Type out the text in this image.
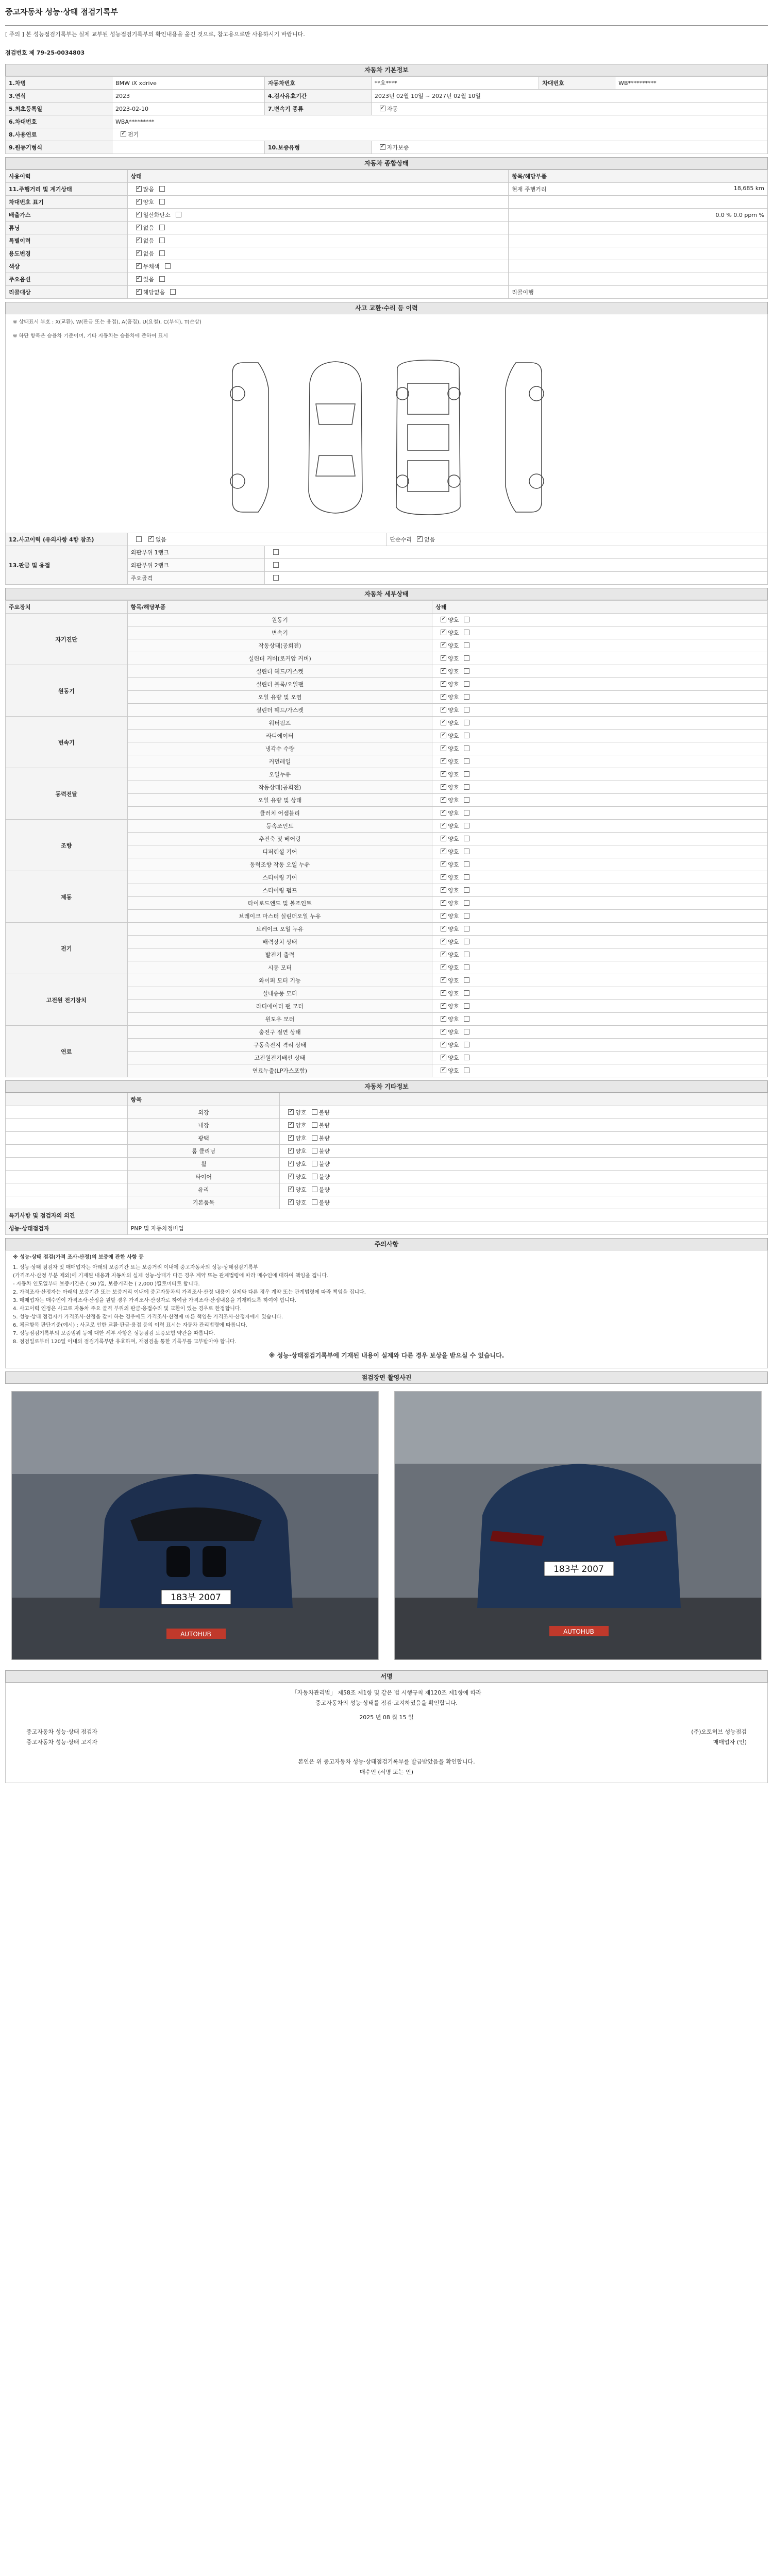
중고자동차 성능·상태 점검기록부
[ 주의 ] 본 성능점검기록부는 실제 교부된 성능점검기록부의 확인내용을 옮긴 것으로, 참고용으로만 사용하시기 바랍니다.
점검번호 제 79-25-0034803
자동차 기본정보
1.차명	BMW iX xdrive	자동차번호	**호****	차대번호	WB**********
3.연식	2023	4.검사유효기간	2023년 02월 10일 ~ 2027년 02월 10일		
5.최초등록일	2023-02-10	7.변속기 종류	✓자동
6.차대번호	WBA*********				
8.사용연료	✓전기
9.원동기형식		10.보증유형	✓자가보증
자동차 종합상태
사용이력	상태	항목/해당부품
11.주행거리 및 계기상태	✓많음	현재 주행거리 18,685 km

차대번호 표기	✓양호	

배출가스	✓일산화탄소	0.0 % 0.0 ppm %

튜닝	✓없음	

특별이력	✓없음	

용도변경	✓없음	

색상	✓무채색	

주요옵션	✓있음	

리콜대상	✓해당없음	리콜이행
사고 교환·수리 등 이력
※ 상태표시 부호 : X(교환), W(판금 또는 용접), A(흠집), U(요철), C(부식), T(손상)
※ 하단 항목은 승용차 기준이며, 기타 자동차는 승용차에 준하여 표시
12.사고이력 (유의사항 4항 참조)	✓없음		단순수리 ✓ 없음
13.판금 및 용접	외판부위 1랭크		
	외판부위 2랭크		
	주요골격		
자동차 세부상태
주요장치	항목/해당부품	상태
자기진단	원동기	✓양호
	변속기	✓양호
	작동상태(공회전)	✓양호
	실린더 커버(로커암 커버)	✓양호
원동기	실린더 헤드/가스켓	✓양호
	실린더 블록/오일팬	✓양호
	오일 유량 및 오염	✓양호
	실린더 헤드/가스켓	✓양호
변속기	워터펌프	✓양호
	라디에이터	✓양호
	냉각수 수량	✓양호
	커먼레일	✓양호
동력전달	오일누유	✓양호
	작동상태(공회전)	✓양호
	오일 유량 및 상태	✓양호
	클러치 어셈블리	✓양호
조향	등속조인트	✓양호
	추진축 및 베어링	✓양호
	디퍼렌셜 기어	✓양호
	동력조향 작동 오일 누유	✓양호
제동	스티어링 기어	✓양호
	스티어링 펌프	✓양호
	타이로드엔드 및 볼조인트	✓양호
	브레이크 마스터 실린더오일 누유	✓양호
전기	브레이크 오일 누유	✓양호
	배력장치 상태	✓양호
	발전기 출력	✓양호
	시동 모터	✓양호
고전원 전기장치	와이퍼 모터 기능	✓양호
	실내송풍 모터	✓양호
	라디에이터 팬 모터	✓양호
	윈도우 모터	✓양호
연료	충전구 절연 상태	✓양호
	구동축전지 격리 상태	✓양호
	고전원전기배선 상태	✓양호
	연료누출(LP가스포함)	✓양호
자동차 기타정보
	항목	
	외장	✓양호 불량
	내장	✓양호 불량
	광택	✓양호 불량
	룸 클리닝	✓양호 불량
	휠	✓양호 불량
	타이어	✓양호 불량
	유리	✓양호 불량
	기본품목	✓양호 불량
특기사항 및 점검자의 의견		
성능·상태점검자	PNP 및 자동차정비업	
주의사항

※ 성능·상태 점검(가격 조사·산정)의 보증에 관한 사항 등

1. 성능·상태 점검자 및 매매업자는 아래의 보증기간 또는 보증거리 이내에 중고자동차의 성능·상태점검기록부

(가격조사·산정 부분 제외)에 기재된 내용과 자동차의 실제 성능·상태가 다른 경우 계약 또는 관계법령에 따라 매수인에 대하여 책임을 집니다.

- 자동차 인도일부터 보증기간은 ( 30 )일, 보증거리는 ( 2,000 )킬로미터로 합니다.

2. 가격조사·산정자는 아래의 보증기간 또는 보증거리 이내에 중고자동차의 가격조사·산정 내용이 실제와 다른 경우 계약 또는 관계법령에 따라 책임을 집니다.

3. 매매업자는 매수인이 가격조사·산정을 원할 경우 가격조사·산정자로 하여금 가격조사·산정내용을 기재하도록 하여야 합니다.

4. 사고이력 인정은 사고로 자동차 주요 골격 부위의 판금·용접수리 및 교환이 있는 경우로 한정합니다.

5. 성능·상태 점검자가 가격조사·산정을 같이 하는 경우에도 가격조사·산정에 따른 책임은 가격조사·산정자에게 있습니다.

6. 체크항목 판단기준(예시) : 사고로 인한 교환·판금·용접 등의 이력 표시는 자동차 관리법령에 따릅니다.

7. 성능점검기록부의 보증범위 등에 대한 세부 사항은 성능점검 보증보험 약관을 따릅니다.

8. 점검일로부터 120일 이내의 점검기록부만 유효하며, 재점검을 통한 기록부를 교부받아야 합니다.

※ 성능·상태점검기록부에 기재된 내용이 실제와 다른 경우 보상을 받으실 수 있습니다.
점검장면 촬영사진
183부 2007
AUTOHUB
183부 2007
AUTOHUB
서명
「자동차관리법」 제58조 제1항 및 같은 법 시행규칙 제120조 제1항에 따라
중고자동차의 성능·상태를 점검·고지하였음을 확인합니다.
2025 년 08 월 15 일
중고자동차 성능·상태 점검자	(주)오토허브 성능점검
중고자동차 성능·상태 고지자	매매업자 (인)
본인은 위 중고자동차 성능·상태점검기록부를 발급받았음을 확인합니다.
매수인 (서명 또는 인)
